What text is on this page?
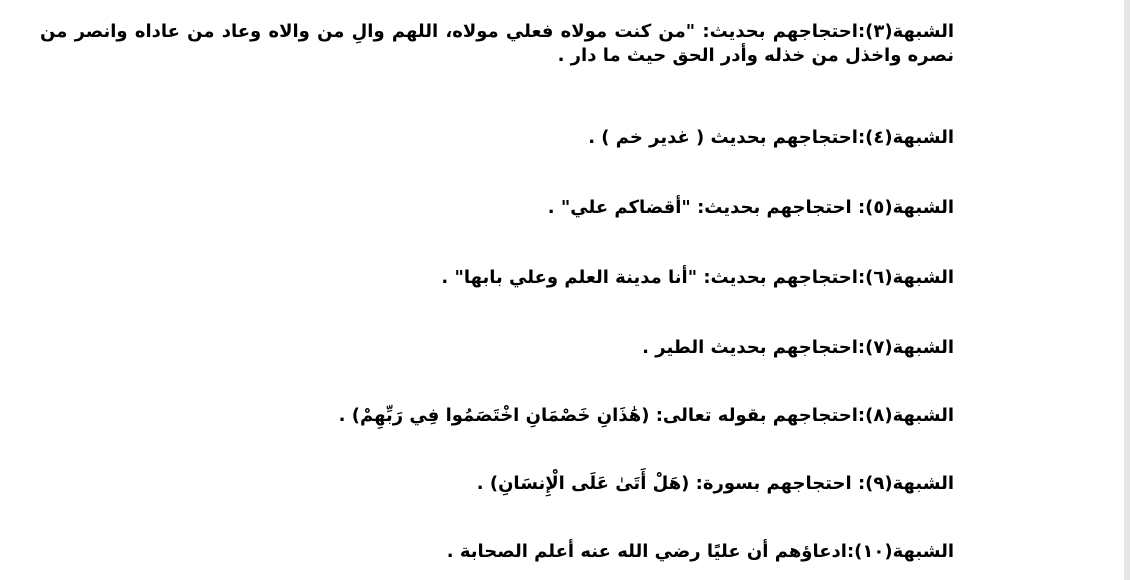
الشبهة(٣):احتجاجهم بحديث: "من كنت مولاه فعلي مولاه، اللهم والِ من والاه وعاد من عاداه وانصر من نصره واخذل من خذله وأدر الحق حيث ما دار .
الشبهة(٤):احتجاجهم بحديث ( غدير خم ) .
الشبهة(٥): احتجاجهم بحديث: "أقضاكم علي" .
الشبهة(٦):احتجاجهم بحديث: "أنا مدينة العلم وعلي بابها" .
الشبهة(٧):احتجاجهم بحديث الطير .
الشبهة(٨):احتجاجهم بقوله تعالى: (هَٰذَانِ خَصْمَانِ اخْتَصَمُوا فِي رَبِّهِمْ) .
الشبهة(٩): احتجاجهم بسورة: (هَلْ أَتَىٰ عَلَى الْإِنسَانِ) .
الشبهة(١٠):ادعاؤهم أن عليًا رضي الله عنه أعلم الصحابة .
